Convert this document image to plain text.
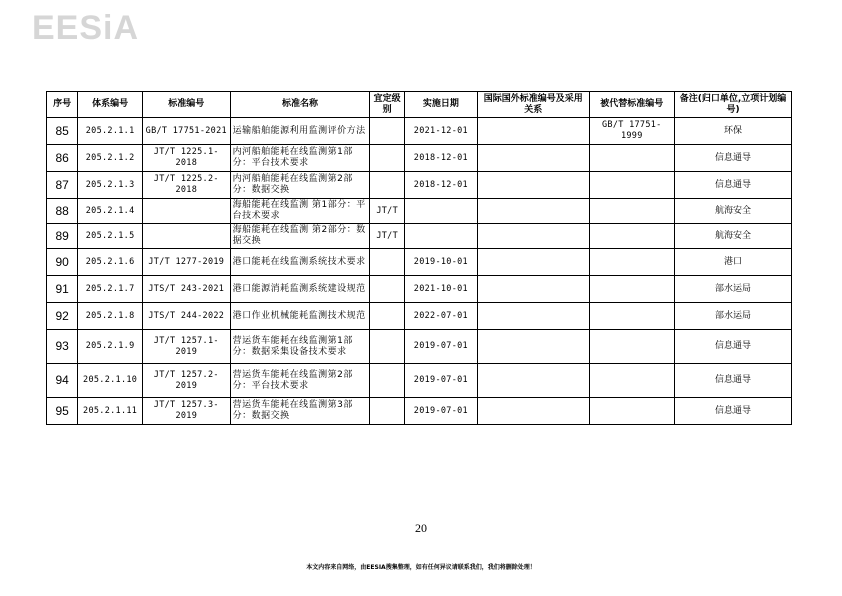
EESiA
序号	体系编号	标准编号	标准名称	宜定级别	实施日期	国际国外标准编号及采用关系	被代替标准编号	备注(归口单位,立项计划编号)
85	205.2.1.1	GB/T 17751-2021	运输船舶能源利用监测评价方法		2021-12-01		GB/T 17751-1999	环保
86	205.2.1.2	JT/T 1225.1-2018	内河船舶能耗在线监测第1部分：平台技术要求		2018-12-01			信息通导
87	205.2.1.3	JT/T 1225.2-2018	内河船舶能耗在线监测第2部分：数据交换		2018-12-01			信息通导
88	205.2.1.4		海船能耗在线监测 第1部分：平台技术要求	JT/T				航海安全
89	205.2.1.5		海船能耗在线监测 第2部分：数据交换	JT/T				航海安全
90	205.2.1.6	JT/T 1277-2019	港口能耗在线监测系统技术要求		2019-10-01			港口
91	205.2.1.7	JTS/T 243-2021	港口能源消耗监测系统建设规范		2021-10-01			部水运局
92	205.2.1.8	JTS/T 244-2022	港口作业机械能耗监测技术规范		2022-07-01			部水运局
93	205.2.1.9	JT/T 1257.1-2019	营运货车能耗在线监测第1部分：数据采集设备技术要求		2019-07-01			信息通导
94	205.2.1.10	JT/T 1257.2-2019	营运货车能耗在线监测第2部分：平台技术要求		2019-07-01			信息通导
95	205.2.1.11	JT/T 1257.3-2019	营运货车能耗在线监测第3部分：数据交换		2019-07-01			信息通导
20
本文内容来自网络，由EESIA搜集整理，如有任何异议请联系我们，我们将删除处理！
